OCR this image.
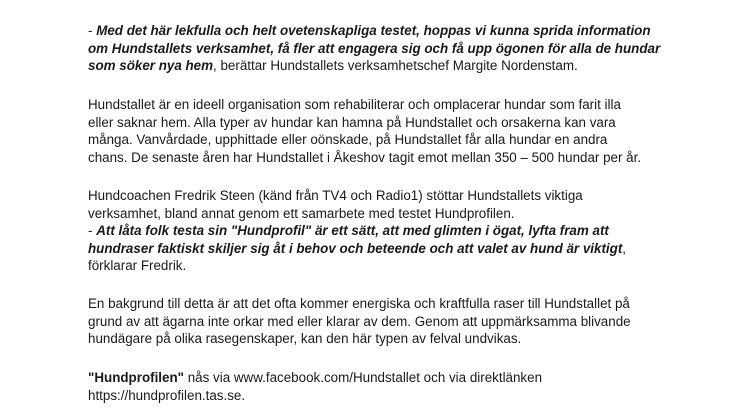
- Med det här lekfulla och helt ovetenskapliga testet, hoppas vi kunna sprida information
om Hundstallets verksamhet, få fler att engagera sig och få upp ögonen för alla de hundar
som söker nya hem, berättar Hundstallets verksamhetschef Margite Nordenstam.

Hundstallet är en ideell organisation som rehabiliterar och omplacerar hundar som farit illa
eller saknar hem. Alla typer av hundar kan hamna på Hundstallet och orsakerna kan vara
många. Vanvårdade, upphittade eller oönskade, på Hundstallet får alla hundar en andra
chans. De senaste åren har Hundstallet i Åkeshov tagit emot mellan 350 – 500 hundar per år.

Hundcoachen Fredrik Steen (känd från TV4 och Radio1) stöttar Hundstallets viktiga
verksamhet, bland annat genom ett samarbete med testet Hundprofilen.
- Att låta folk testa sin "Hundprofil" är ett sätt, att med glimten i ögat, lyfta fram att
hundraser faktiskt skiljer sig åt i behov och beteende och att valet av hund är viktigt,
förklarar Fredrik.

En bakgrund till detta är att det ofta kommer energiska och kraftfulla raser till Hundstallet på
grund av att ägarna inte orkar med eller klarar av dem. Genom att uppmärksamma blivande
hundägare på olika rasegenskaper, kan den här typen av felval undvikas.

"Hundprofilen" nås via www.facebook.com/Hundstallet och via direktlänken
https://hundprofilen.tas.se.
